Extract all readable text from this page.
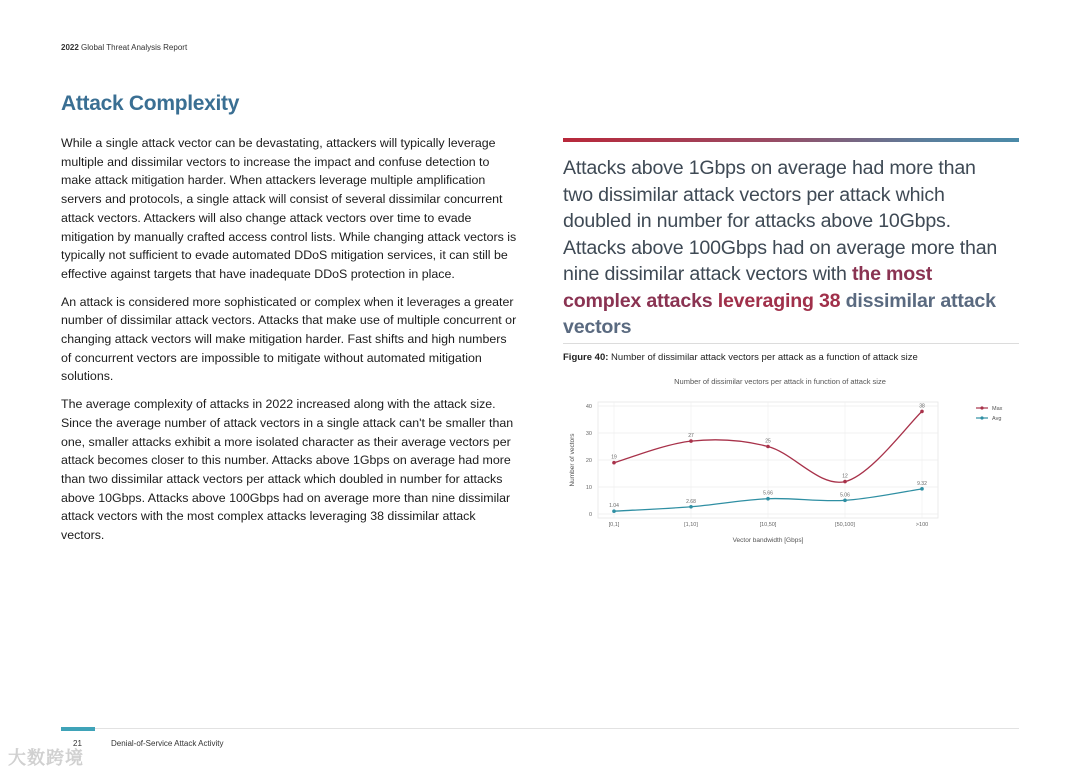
2022 Global Threat Analysis Report
Attack Complexity

While a single attack vector can be devastating, attackers will typically leverage multiple and dissimilar vectors to increase the impact and confuse detection to make attack mitigation harder. When attackers leverage multiple amplification servers and protocols, a single attack will consist of several dissimilar concurrent attack vectors. Attackers will also change attack vectors over time to evade mitigation by manually crafted access control lists. While changing attack vectors is typically not sufficient to evade automated DDoS mitigation services, it can still be effective against targets that have inadequate DDoS protection in place.

An attack is considered more sophisticated or complex when it leverages a greater number of dissimilar attack vectors. Attacks that make use of multiple concurrent or changing attack vectors will make mitigation harder. Fast shifts and high numbers of concurrent vectors are impossible to mitigate without automated mitigation solutions.

The average complexity of attacks in 2022 increased along with the attack size. Since the average number of attack vectors in a single attack can't be smaller than one, smaller attacks exhibit a more isolated character as their average vectors per attack becomes closer to this number. Attacks above 1Gbps on average had more than two dissimilar attack vectors per attack which doubled in number for attacks above 10Gbps. Attacks above 100Gbps had on average more than nine dissimilar attack vectors with the most complex attacks leveraging 38 dissimilar attack vectors.

Attacks above 1Gbps on average had more than two dissimilar attack vectors per attack which doubled in number for attacks above 10Gbps. Attacks above 100Gbps had on average more than nine dissimilar attack vectors with the most complex attacks leveraging 38 dissimilar attack vectors
Figure 40: Number of dissimilar attack vectors per attack as a function of attack size
Number of dissimilar vectors per attack in function of attack size
0
10
20
30
40
[0,1]	[1,10]	[10,50]	[50,100]	>100
Vector bandwidth [Gbps]
Number of vectors	19
27
25
12
38	Max
1.04
2.68
5.66	5.06
9.32
Avg
21	Denial-of-Service Attack Activity
大数跨境
